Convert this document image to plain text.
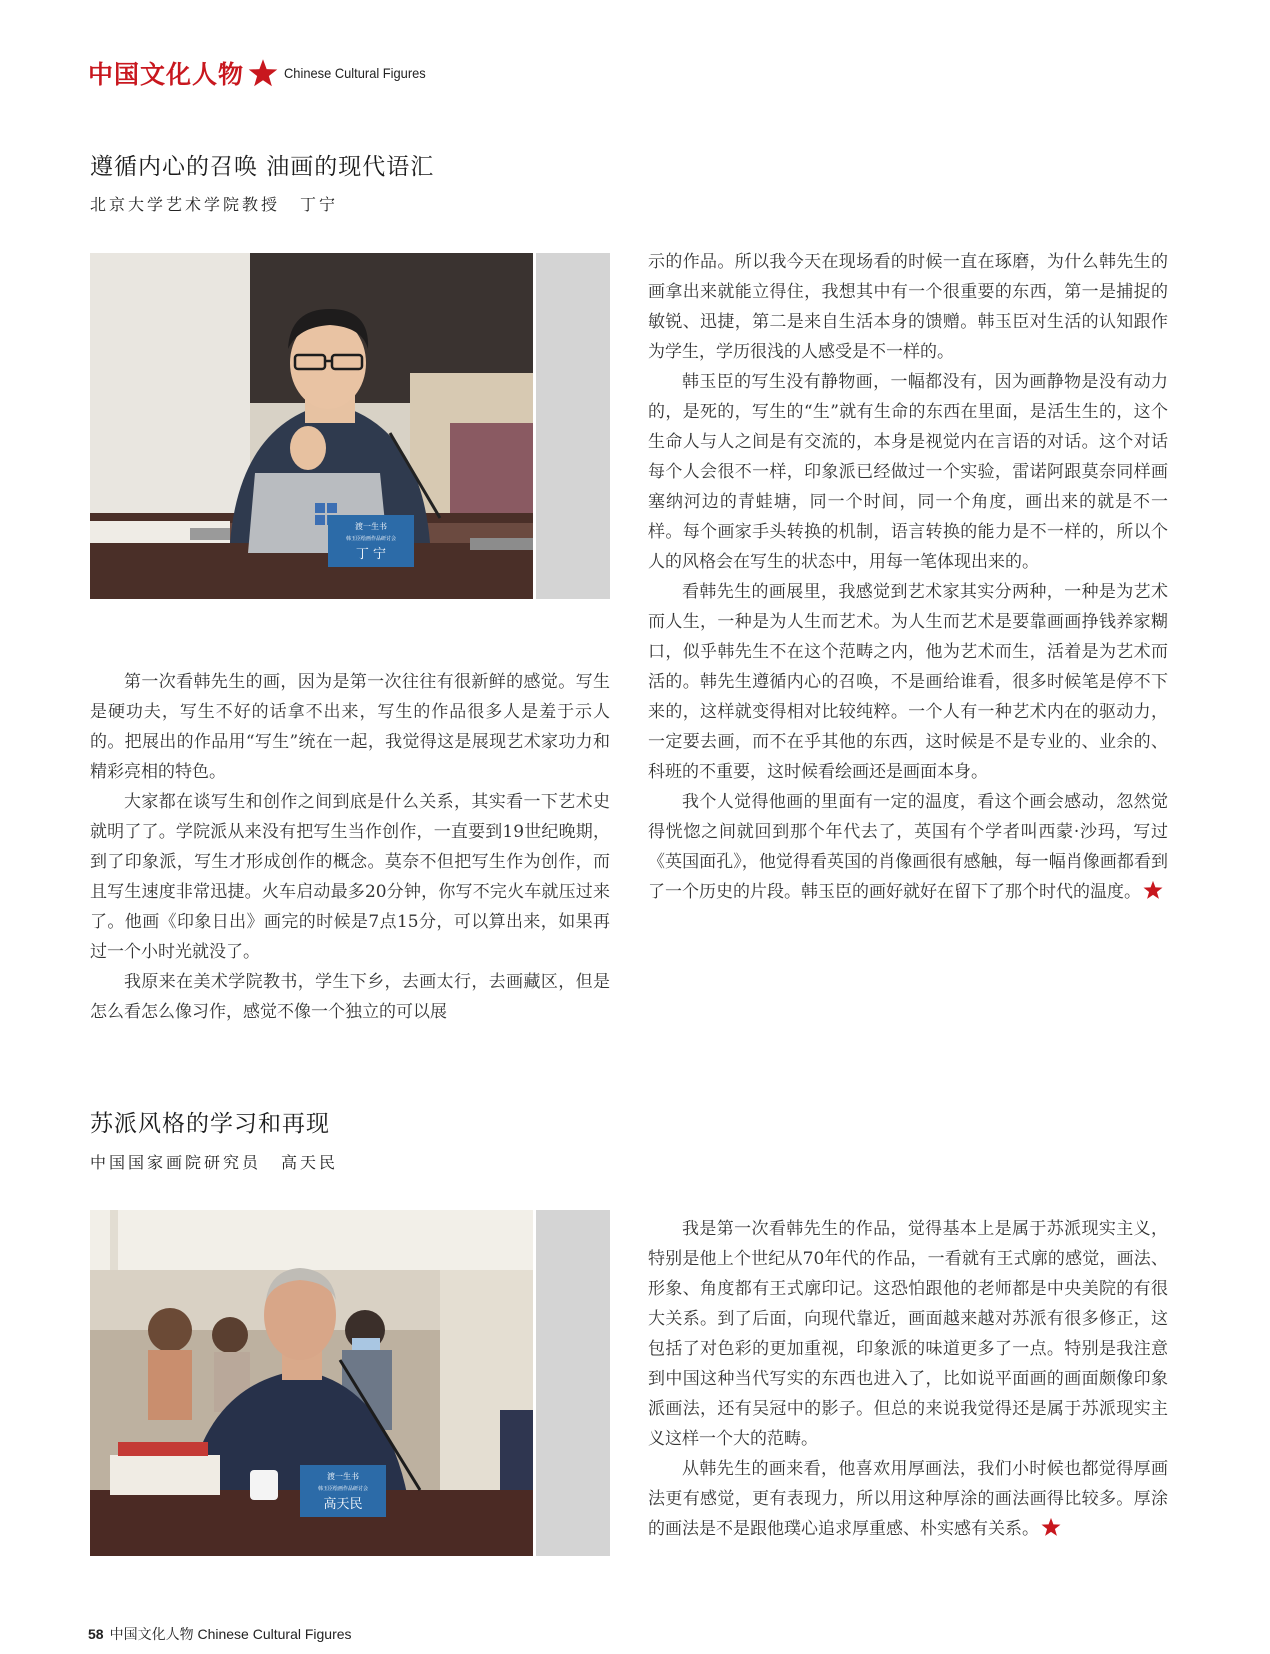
中国文化人物	Chinese Cultural Figures
遵循内心的召唤 油画的现代语汇
北京大学艺术学院教授 丁宁
渡一生书
韩玉臣绘画作品研讨会
丁 宁

第一次看韩先生的画，因为是第一次往往有很新鲜的感觉。写生是硬功夫，写生不好的话拿不出来，写生的作品很多人是羞于示人的。把展出的作品用“写生”统在一起，我觉得这是展现艺术家功力和精彩亮相的特色。

大家都在谈写生和创作之间到底是什么关系，其实看一下艺术史就明了了。学院派从来没有把写生当作创作，一直要到19世纪晚期，到了印象派，写生才形成创作的概念。莫奈不但把写生作为创作，而且写生速度非常迅捷。火车启动最多20分钟，你写不完火车就压过来了。他画《印象日出》画完的时候是7点15分，可以算出来，如果再过一个小时光就没了。

我原来在美术学院教书，学生下乡，去画太行，去画藏区，但是怎么看怎么像习作，感觉不像一个独立的可以展

示的作品。所以我今天在现场看的时候一直在琢磨，为什么韩先生的画拿出来就能立得住，我想其中有一个很重要的东西，第一是捕捉的敏锐、迅捷，第二是来自生活本身的馈赠。韩玉臣对生活的认知跟作为学生，学历很浅的人感受是不一样的。

韩玉臣的写生没有静物画，一幅都没有，因为画静物是没有动力的，是死的，写生的“生”就有生命的东西在里面，是活生生的，这个生命人与人之间是有交流的，本身是视觉内在言语的对话。这个对话每个人会很不一样，印象派已经做过一个实验，雷诺阿跟莫奈同样画塞纳河边的青蛙塘，同一个时间，同一个角度，画出来的就是不一样。每个画家手头转换的机制，语言转换的能力是不一样的，所以个人的风格会在写生的状态中，用每一笔体现出来的。

看韩先生的画展里，我感觉到艺术家其实分两种，一种是为艺术而人生，一种是为人生而艺术。为人生而艺术是要靠画画挣钱养家糊口，似乎韩先生不在这个范畴之内，他为艺术而生，活着是为艺术而活的。韩先生遵循内心的召唤，不是画给谁看，很多时候笔是停不下来的，这样就变得相对比较纯粹。一个人有一种艺术内在的驱动力，一定要去画，而不在乎其他的东西，这时候是不是专业的、业余的、科班的不重要，这时候看绘画还是画面本身。

我个人觉得他画的里面有一定的温度，看这个画会感动，忽然觉得恍惚之间就回到那个年代去了，英国有个学者叫西蒙·沙玛，写过《英国面孔》，他觉得看英国的肖像画很有感触，每一幅肖像画都看到了一个历史的片段。韩玉臣的画好就好在留下了那个时代的温度。

苏派风格的学习和再现
中国国家画院研究员 高天民
渡一生书
韩玉臣绘画作品研讨会
高天民

我是第一次看韩先生的作品，觉得基本上是属于苏派现实主义，特别是他上个世纪从70年代的作品，一看就有王式廓的感觉，画法、形象、角度都有王式廓印记。这恐怕跟他的老师都是中央美院的有很大关系。到了后面，向现代靠近，画面越来越对苏派有很多修正，这包括了对色彩的更加重视，印象派的味道更多了一点。特别是我注意到中国这种当代写实的东西也进入了，比如说平面画的画面颇像印象派画法，还有吴冠中的影子。但总的来说我觉得还是属于苏派现实主义这样一个大的范畴。

从韩先生的画来看，他喜欢用厚画法，我们小时候也都觉得厚画法更有感觉，更有表现力，所以用这种厚涂的画法画得比较多。厚涂的画法是不是跟他璞心追求厚重感、朴实感有关系。

58 中国文化人物 Chinese Cultural Figures
